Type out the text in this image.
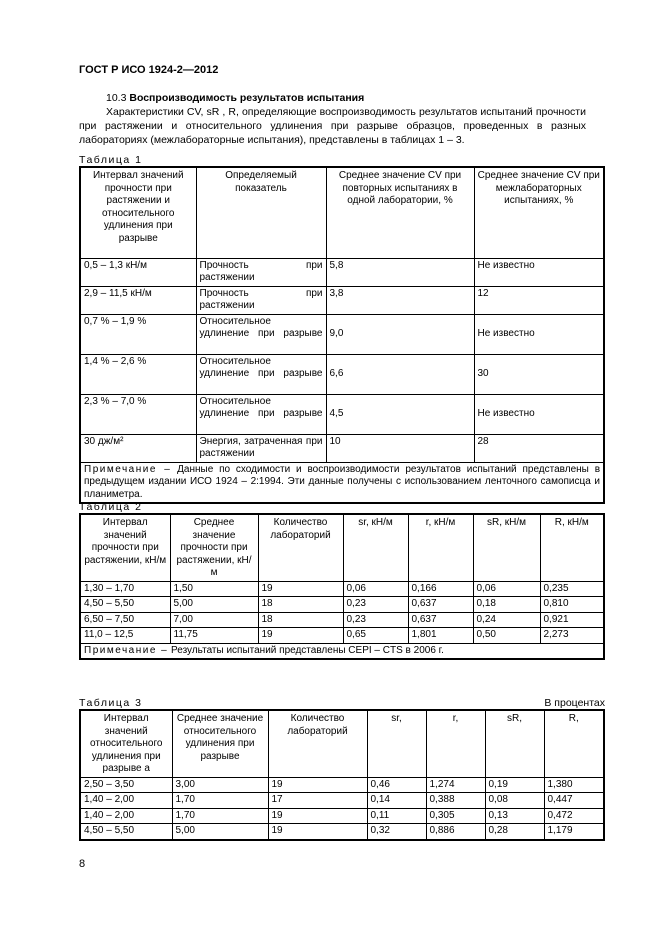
ГОСТ Р ИСО 1924-2—2012

10.3 Воспроизводимость результатов испытания

Характеристики CV, sR , R, определяющие воспроизводимость результатов испытаний прочности при растяжении и относительного удлинения при разрыве образцов, проведенных в разных лабораториях (межлабораторные испытания), представлены в таблицах 1 – 3.

Таблица 1
Интервал значений прочности при растяжении и относительного удлинения при разрыве	Определяемый показатель	Среднее значение CV при повторных испытаниях в одной лаборатории, %	Среднее значение CV при межлабораторных испытаниях, %
0,5 – 1,3 кН/м	Прочность при растяжении	5,8	Не известно
2,9 – 11,5 кН/м	Прочность при растяжении	3,8	12
0,7 % – 1,9 %	Относительное удлинение при разрыве	9,0	Не известно
1,4 % – 2,6 %	Относительное удлинение при разрыве	6,6	30
2,3 % – 7,0 %	Относительное удлинение при разрыве	4,5	Не известно
30 дж/м²	Энергия, затраченная при растяжении	10	28
Примечание – Данные по сходимости и воспроизводимости результатов испытаний представлены в предыдущем издании ИСО 1924 – 2:1994. Эти данные получены с использованием ленточного самописца и планиметра.			
Таблица 2
Интервал значений прочности при растяжении, кН/м	Среднее значение прочности при растяжении, кН/м	Количество лабораторий	sr, кН/м	r, кН/м	sR, кН/м	R, кН/м
1,30 – 1,70	1,50	19	0,06	0,166	0,06	0,235
4,50 – 5,50	5,00	18	0,23	0,637	0,18	0,810
6,50 – 7,50	7,00	18	0,23	0,637	0,24	0,921
11,0 – 12,5	11,75	19	0,65	1,801	0,50	2,273
Примечание – Результаты испытаний представлены CEPI – CTS в 2006 г.						
Таблица 3	В процентах
Интервал значений относительного удлинения при разрыве a	Среднее значение относительного удлинения при разрыве	Количество лабораторий	sr,	r,	sR,	R,
2,50 – 3,50	3,00	19	0,46	1,274	0,19	1,380
1,40 – 2,00	1,70	17	0,14	0,388	0,08	0,447
1,40 – 2,00	1,70	19	0,11	0,305	0,13	0,472
4,50 – 5,50	5,00	19	0,32	0,886	0,28	1,179
8
